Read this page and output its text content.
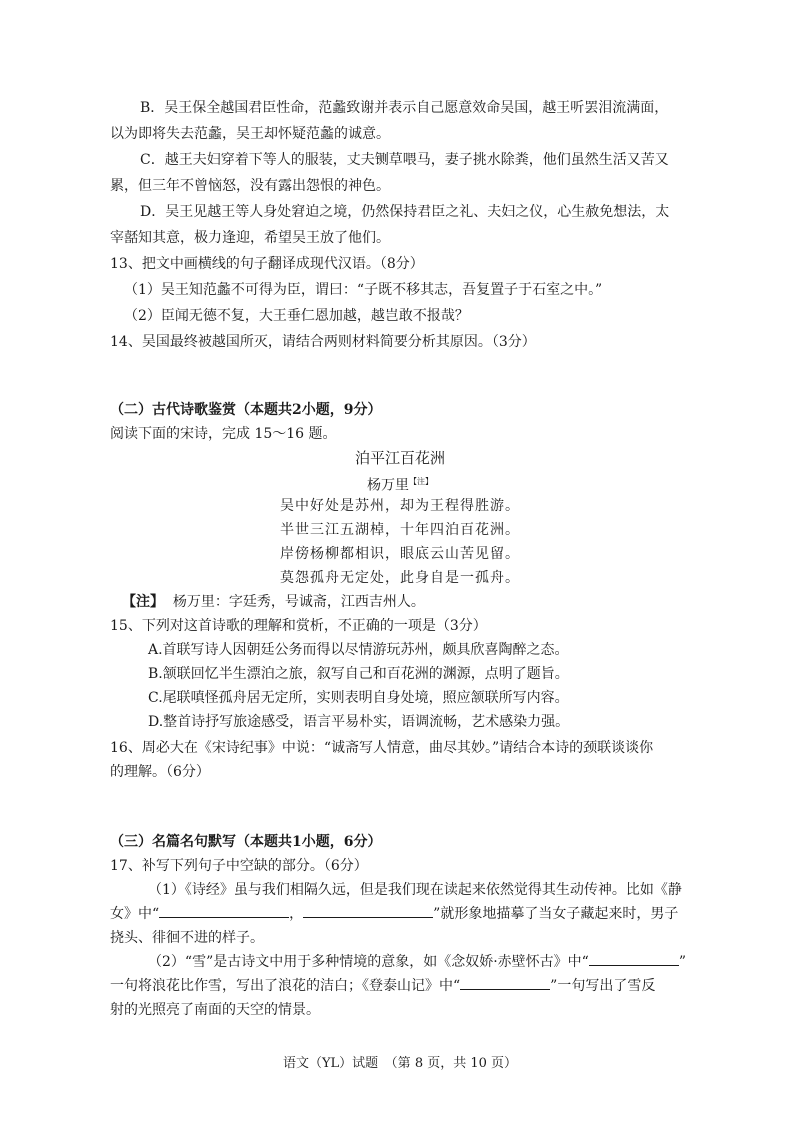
B．吴王保全越国君臣性命，范蠡致谢并表示自己愿意效命吴国，越王听罢泪流满面，
以为即将失去范蠡，吴王却怀疑范蠡的诚意。
C．越王夫妇穿着下等人的服装，丈夫铡草喂马，妻子挑水除粪，他们虽然生活又苦又
累，但三年不曾恼怒，没有露出怨恨的神色。
D．吴王见越王等人身处窘迫之境，仍然保持君臣之礼、夫妇之仪，心生赦免想法，太
宰嚭知其意，极力逢迎，希望吴王放了他们。
13、把文中画横线的句子翻译成现代汉语。（8分）
（1）吴王知范蠡不可得为臣，谓曰：“子既不移其志，吾复置子于石室之中。”
（2）臣闻无德不复，大王垂仁恩加越，越岂敢不报哉？
14、吴国最终被越国所灭，请结合两则材料简要分析其原因。（3分）
（二）古代诗歌鉴赏（本题共2小题，9分）
阅读下面的宋诗，完成 15～16 题。
泊平江百花洲
杨万里$^{【注】}$
吴中好处是苏州，却为王程得胜游。
半世三江五湖棹，十年四泊百花洲。
岸傍杨柳都相识，眼底云山苦见留。
莫怨孤舟无定处，此身自是一孤舟。
【注】 杨万里：字廷秀，号诚斋，江西吉州人。
15、下列对这首诗歌的理解和赏析，不正确的一项是（3分）
A.首联写诗人因朝廷公务而得以尽情游玩苏州，颇具欣喜陶醉之态。
B.颔联回忆半生漂泊之旅，叙写自己和百花洲的渊源，点明了题旨。
C.尾联嗔怪孤舟居无定所，实则表明自身处境，照应颔联所写内容。
D.整首诗抒写旅途感受，语言平易朴实，语调流畅，艺术感染力强。
16、周必大在《宋诗纪事》中说：“诚斋写人情意，曲尽其妙。”请结合本诗的颈联谈谈你
的理解。（6分）
（三）名篇名句默写（本题共1小题，6分）
17、补写下列句子中空缺的部分。（6分）
（1）《诗经》虽与我们相隔久远，但是我们现在读起来依然觉得其生动传神。比如《静
女》中“	，	”就形象地描摹了当女子藏起来时，男子
挠头、徘徊不进的样子。
（2）“雪”是古诗文中用于多种情境的意象，如《念奴娇·赤壁怀古》中“	”
一句将浪花比作雪，写出了浪花的洁白；《登泰山记》中“	”一句写出了雪反
射的光照亮了南面的天空的情景。
语文（YL）试题　（第 8 页，共 10 页）
